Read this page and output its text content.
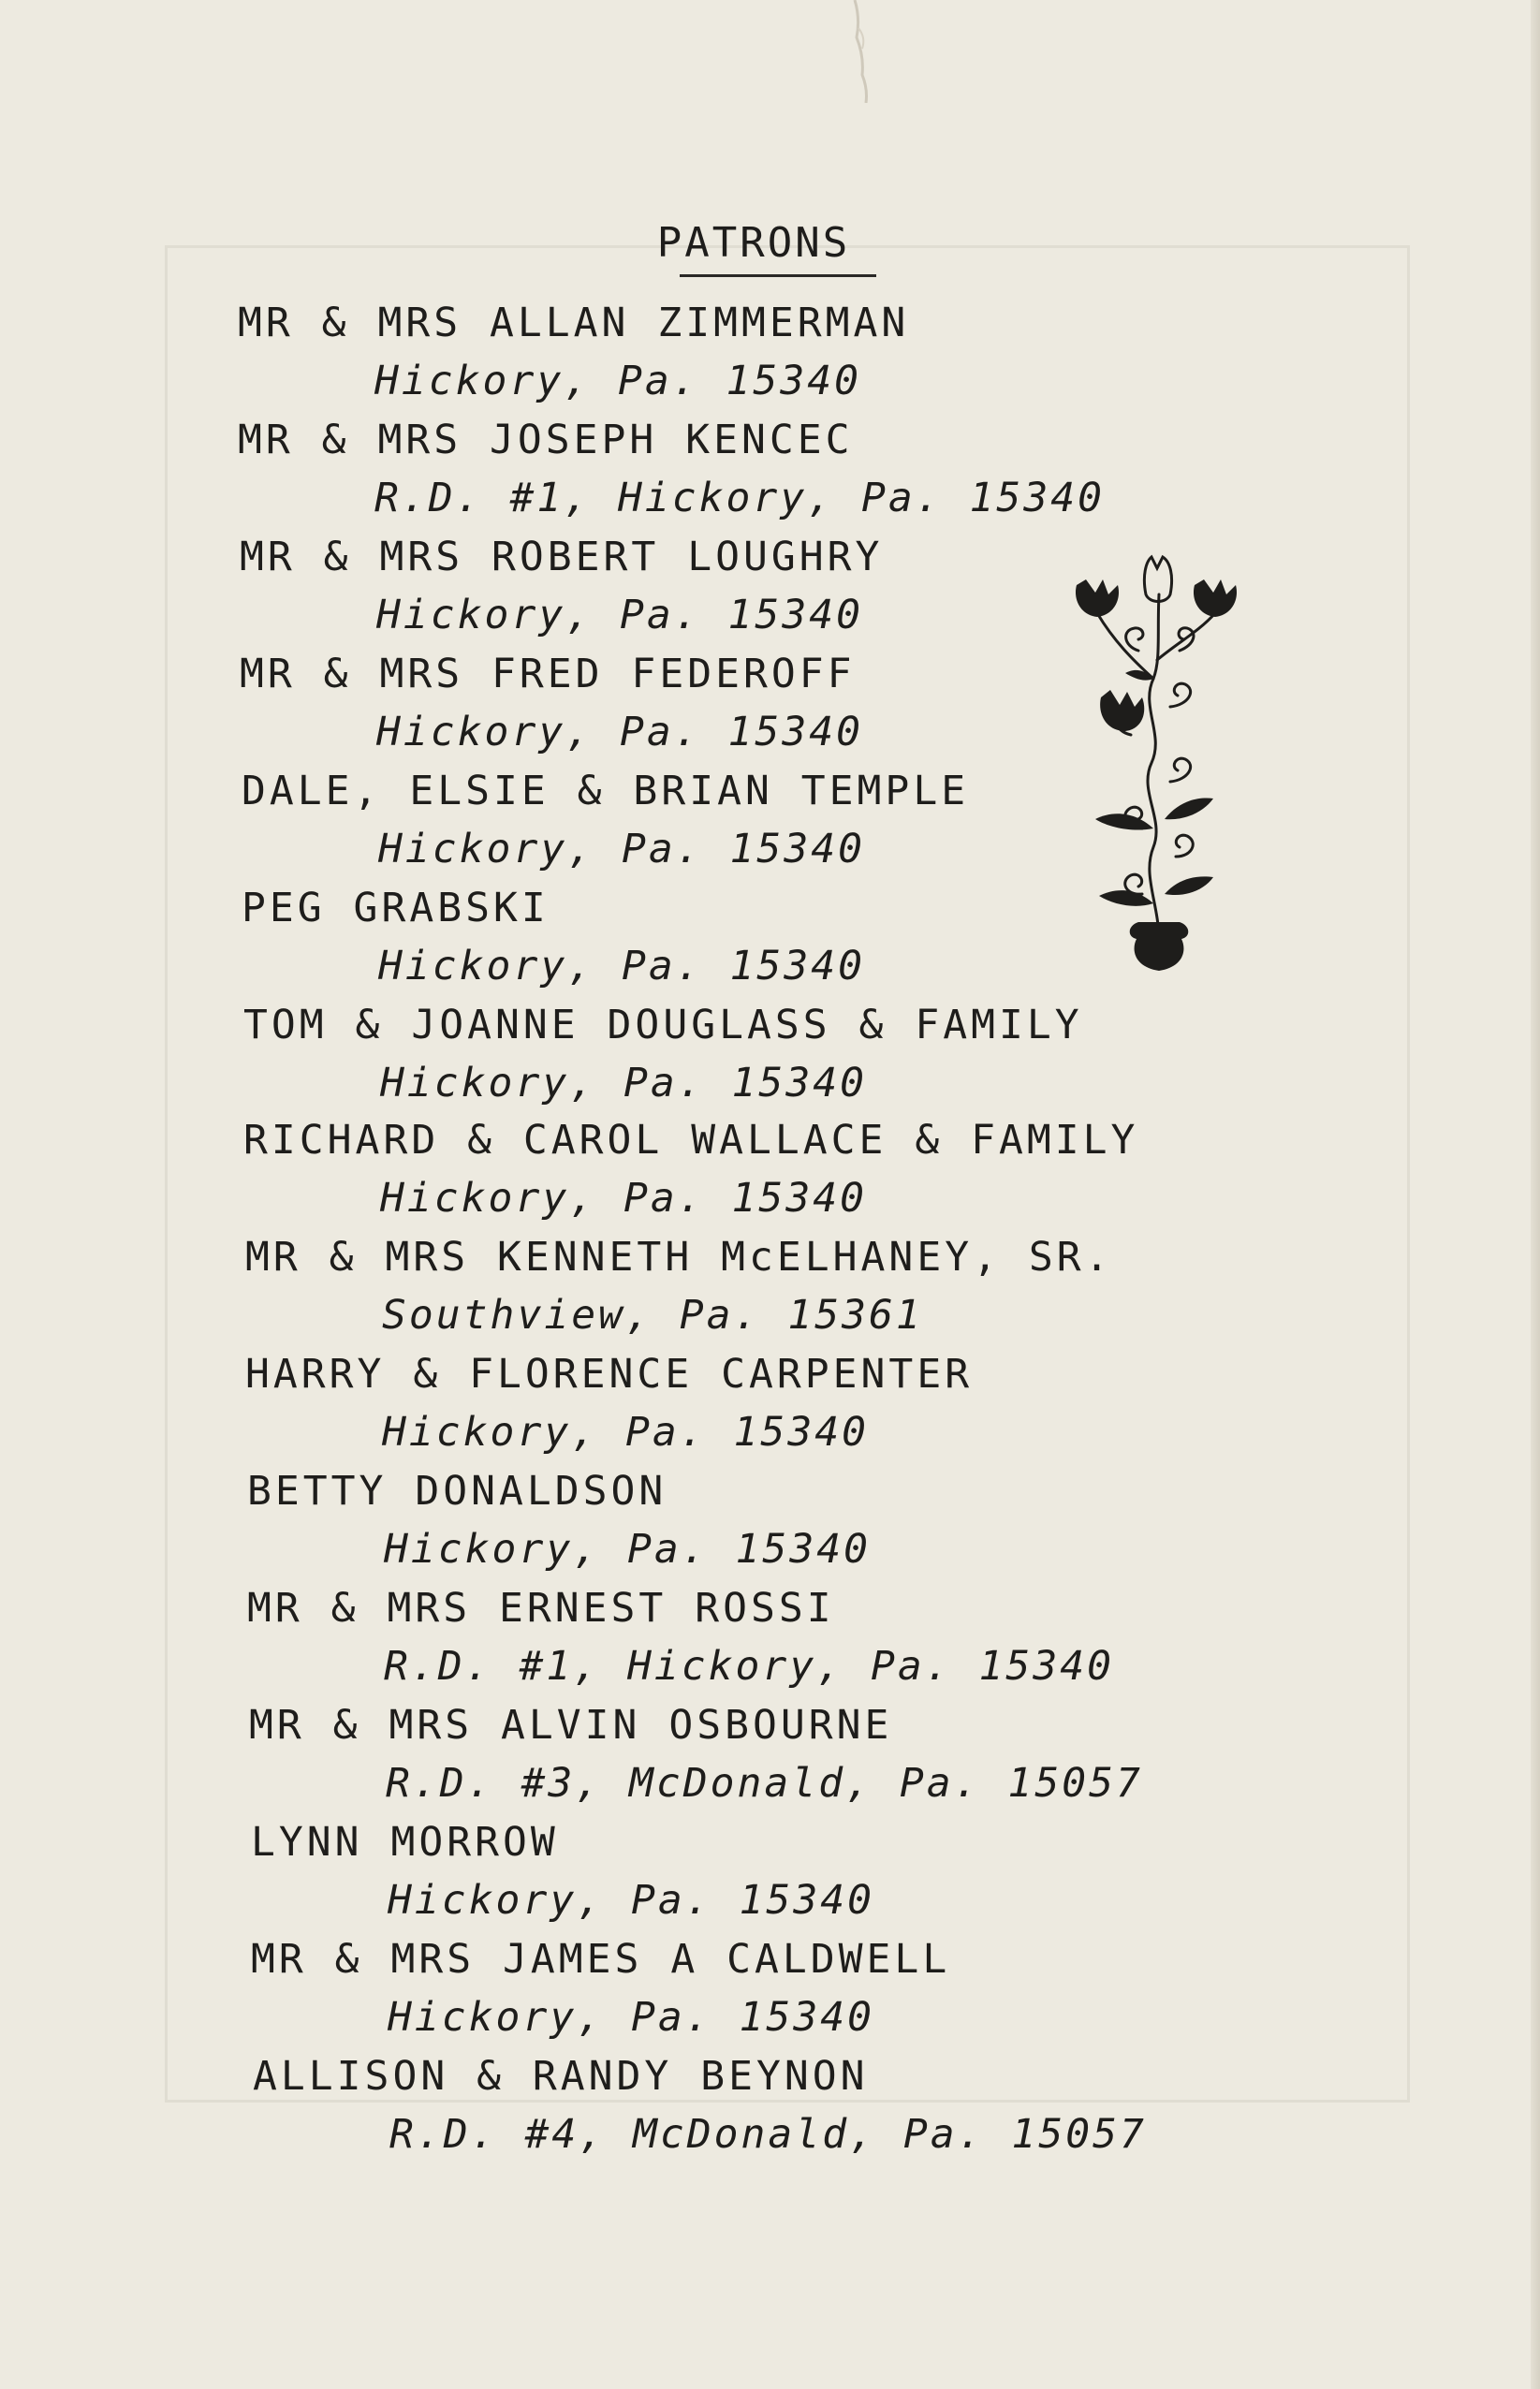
PATRONS
MR & MRS ALLAN ZIMMERMAN
Hickory, Pa. 15340
MR & MRS JOSEPH KENCEC
R.D. #1, Hickory, Pa. 15340
MR & MRS ROBERT LOUGHRY
Hickory, Pa. 15340
MR & MRS FRED FEDEROFF
Hickory, Pa. 15340
DALE, ELSIE & BRIAN TEMPLE
Hickory, Pa. 15340
PEG GRABSKI
Hickory, Pa. 15340
TOM & JOANNE DOUGLASS & FAMILY
Hickory, Pa. 15340
RICHARD & CAROL WALLACE & FAMILY
Hickory, Pa. 15340
MR & MRS KENNETH McELHANEY, SR.
Southview, Pa. 15361
HARRY & FLORENCE CARPENTER
Hickory, Pa. 15340
BETTY DONALDSON
Hickory, Pa. 15340
MR & MRS ERNEST ROSSI
R.D. #1, Hickory, Pa. 15340
MR & MRS ALVIN OSBOURNE
R.D. #3, McDonald, Pa. 15057
LYNN MORROW
Hickory, Pa. 15340
MR & MRS JAMES A CALDWELL
Hickory, Pa. 15340
ALLISON & RANDY BEYNON
R.D. #4, McDonald, Pa. 15057
